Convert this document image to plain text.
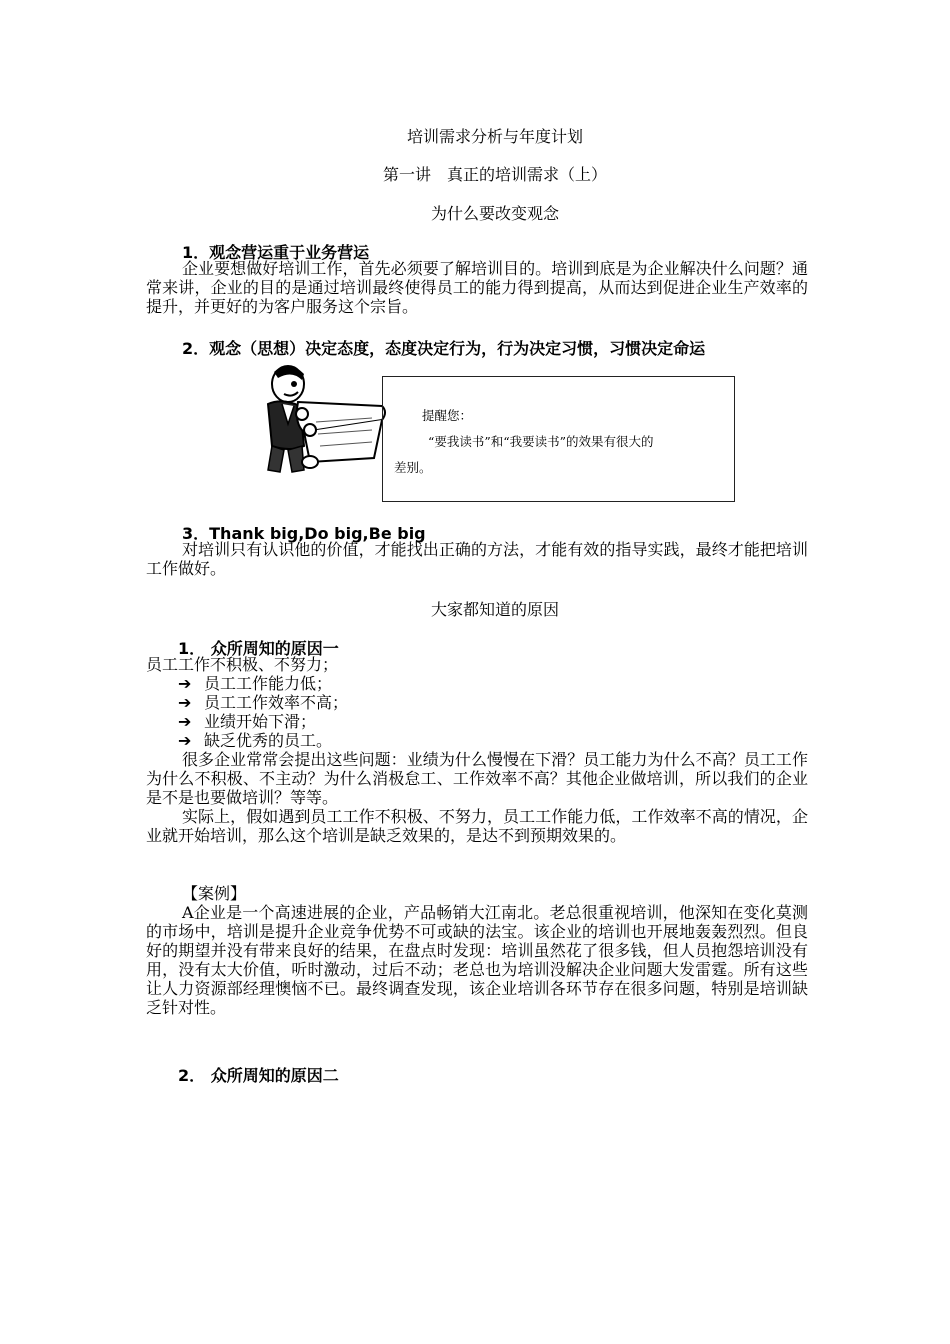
培训需求分析与年度计划
第一讲　真正的培训需求（上）
为什么要改变观念
1．观念营运重于业务营运

企业要想做好培训工作，首先必须要了解培训目的。培训到底是为企业解决什么问题？通常来讲，企业的目的是通过培训最终使得员工的能力得到提高，从而达到促进企业生产效率的提升，并更好的为客户服务这个宗旨。

2．观念（思想）决定态度，态度决定行为，行为决定习惯，习惯决定命运

提醒您：

“要我读书”和“我要读书”的效果有很大的

差别。

3．Thank big,Do big,Be big

对培训只有认识他的价值，才能找出正确的方法，才能有效的指导实践，最终才能把培训工作做好。

大家都知道的原因
1． 众所周知的原因一

员工工作不积极、不努力；

➔ 员工工作能力低；

➔ 员工工作效率不高；

➔ 业绩开始下滑；

➔ 缺乏优秀的员工。

很多企业常常会提出这些问题：业绩为什么慢慢在下滑？员工能力为什么不高？员工工作为什么不积极、不主动？为什么消极怠工、工作效率不高？其他企业做培训，所以我们的企业是不是也要做培训？等等。

实际上，假如遇到员工工作不积极、不努力，员工工作能力低，工作效率不高的情况，企业就开始培训，那么这个培训是缺乏效果的，是达不到预期效果的。

【案例】

A企业是一个高速进展的企业，产品畅销大江南北。老总很重视培训，他深知在变化莫测的市场中，培训是提升企业竞争优势不可或缺的法宝。该企业的培训也开展地轰轰烈烈。但良好的期望并没有带来良好的结果，在盘点时发现：培训虽然花了很多钱，但人员抱怨培训没有用，没有太大价值，听时激动，过后不动；老总也为培训没解决企业问题大发雷霆。所有这些让人力资源部经理懊恼不已。最终调查发现，该企业培训各环节存在很多问题，特别是培训缺乏针对性。

2． 众所周知的原因二
